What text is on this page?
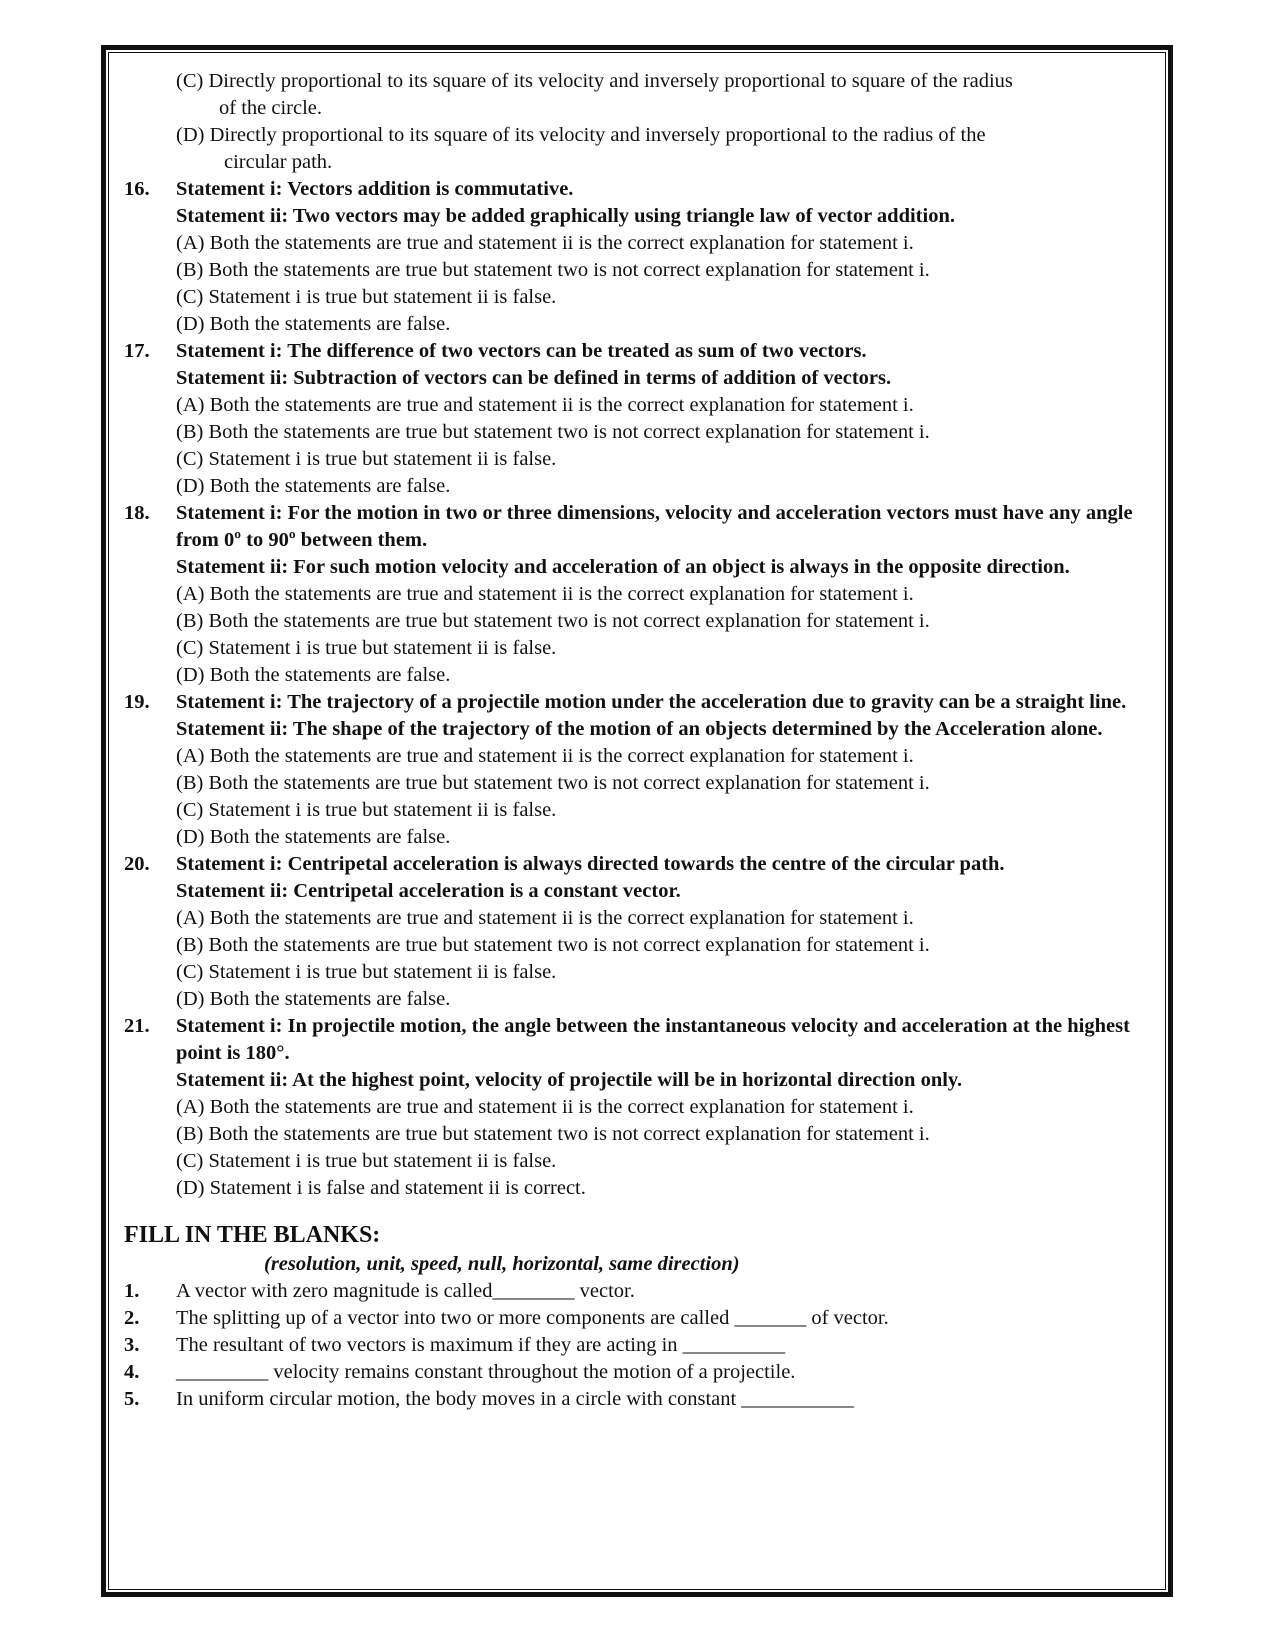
(C) Directly proportional to its square of its velocity and inversely proportional to square of the radius
of the circle.
(D) Directly proportional to its square of its velocity and inversely proportional to the radius of the
circular path.
16.	Statement i: Vectors addition is commutative.
Statement ii: Two vectors may be added graphically using triangle law of vector addition.
(A) Both the statements are true and statement ii is the correct explanation for statement i.
(B) Both the statements are true but statement two is not correct explanation for statement i.
(C) Statement i is true but statement ii is false.
(D) Both the statements are false.
17.	Statement i: The difference of two vectors can be treated as sum of two vectors.
Statement ii: Subtraction of vectors can be defined in terms of addition of vectors.
(A) Both the statements are true and statement ii is the correct explanation for statement i.
(B) Both the statements are true but statement two is not correct explanation for statement i.
(C) Statement i is true but statement ii is false.
(D) Both the statements are false.
18.	Statement i: For the motion in two or three dimensions, velocity and acceleration vectors must have any angle from 0º to 90º between them.
Statement ii: For such motion velocity and acceleration of an object is always in the opposite direction.
(A) Both the statements are true and statement ii is the correct explanation for statement i.
(B) Both the statements are true but statement two is not correct explanation for statement i.
(C) Statement i is true but statement ii is false.
(D) Both the statements are false.
19.	Statement i: The trajectory of a projectile motion under the acceleration due to gravity can be a straight line.
Statement ii: The shape of the trajectory of the motion of an objects determined by the Acceleration alone.
(A) Both the statements are true and statement ii is the correct explanation for statement i.
(B) Both the statements are true but statement two is not correct explanation for statement i.
(C) Statement i is true but statement ii is false.
(D) Both the statements are false.
20.	Statement i: Centripetal acceleration is always directed towards the centre of the circular path.
Statement ii: Centripetal acceleration is a constant vector.
(A) Both the statements are true and statement ii is the correct explanation for statement i.
(B) Both the statements are true but statement two is not correct explanation for statement i.
(C) Statement i is true but statement ii is false.
(D) Both the statements are false.
21.	Statement i: In projectile motion, the angle between the instantaneous velocity and acceleration at the highest point is 180°.
Statement ii: At the highest point, velocity of projectile will be in horizontal direction only.
(A) Both the statements are true and statement ii is the correct explanation for statement i.
(B) Both the statements are true but statement two is not correct explanation for statement i.
(C) Statement i is true but statement ii is false.
(D) Statement i is false and statement ii is correct.
FILL IN THE BLANKS:
(resolution, unit, speed, null, horizontal, same direction)
1.	A vector with zero magnitude is called________ vector.
2.	The splitting up of a vector into two or more components are called _______ of vector.
3.	The resultant of two vectors is maximum if they are acting in __________
4.	_________ velocity remains constant throughout the motion of a projectile.
5.	In uniform circular motion, the body moves in a circle with constant ___________
